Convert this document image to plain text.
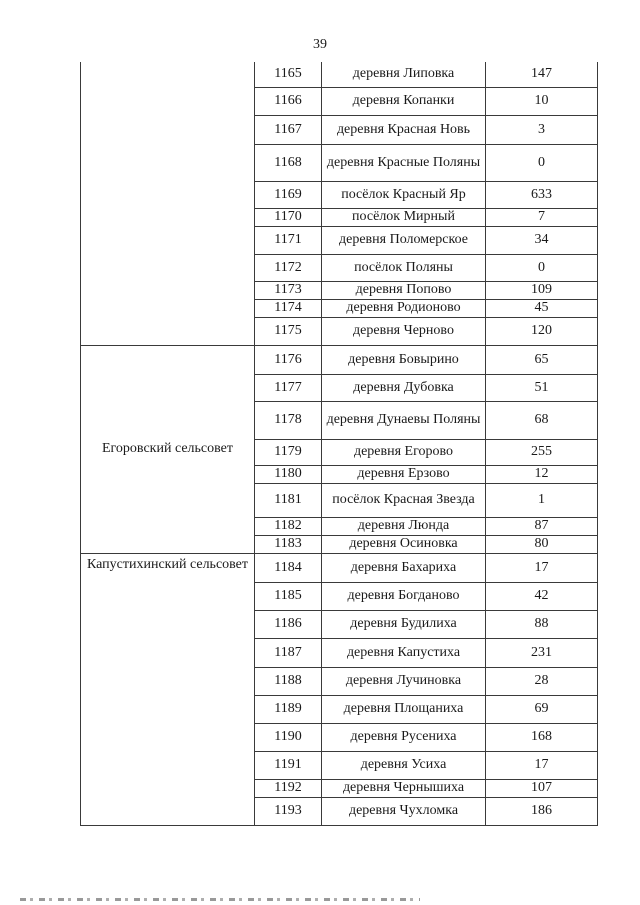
39
	1165	деревня Липовка	147
	1166	деревня Копанки	10
	1167	деревня Красная Новь	3
	1168	деревня Красные Поляны	0
	1169	посёлок Красный Яр	633
	1170	посёлок Мирный	7
	1171	деревня Поломерское	34
	1172	посёлок Поляны	0
	1173	деревня Попово	109
	1174	деревня Родионово	45
	1175	деревня Черново	120
Егоровский сельсовет	1176	деревня Бовырино	65
	1177	деревня Дубовка	51
	1178	деревня Дунаевы Поляны	68
	1179	деревня Егорово	255
	1180	деревня Ерзово	12
	1181	посёлок Красная Звезда	1
	1182	деревня Люнда	87
	1183	деревня Осиновка	80
Капустихинский сельсовет	1184	деревня Бахариха	17
	1185	деревня Богданово	42
	1186	деревня Будилиха	88
	1187	деревня Капустиха	231
	1188	деревня Лучиновка	28
	1189	деревня Площаниха	69
	1190	деревня Русениха	168
	1191	деревня Усиха	17
	1192	деревня Чернышиха	107
	1193	деревня Чухломка	186
